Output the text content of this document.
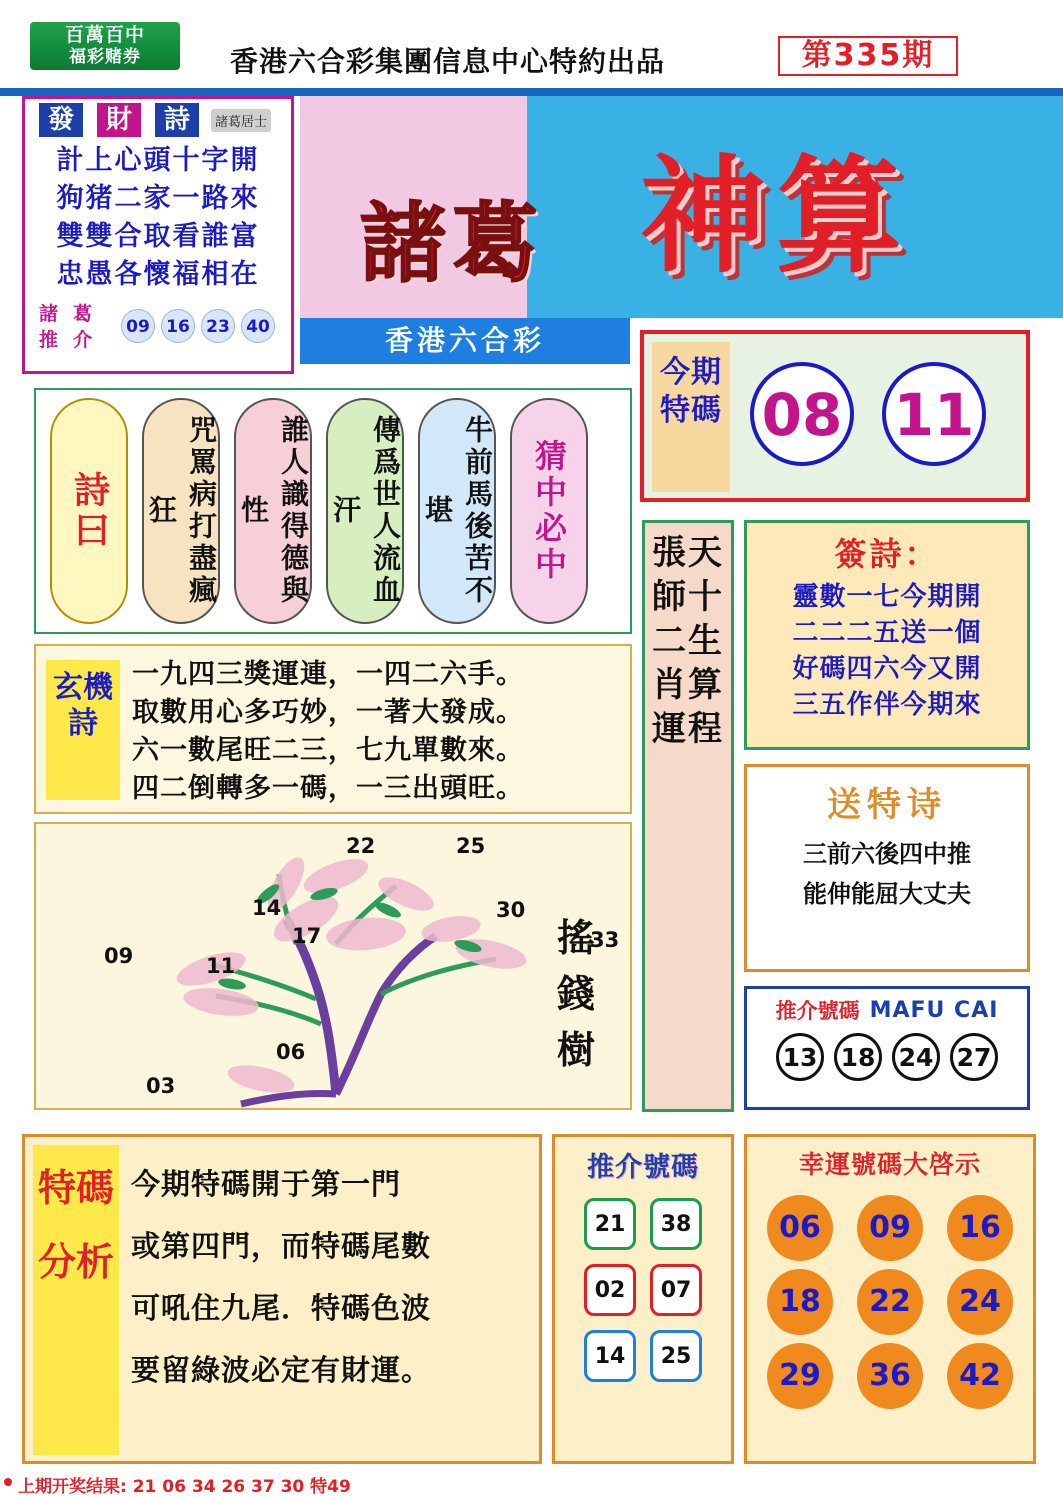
百萬百中
福彩赌券	香港六合彩集團信息中心特約出品	第335期
諸葛 神算
發	財	詩	諸葛居士
計上心頭十字開
狗猪二家一路來
雙雙合取看誰富
忠愚各懷福相在
諸 葛
推 介
09 16 23 40	香港六合彩
今期特碼 08 11
詩曰	咒罵病打盡瘋狂	誰人識得德與性	傳爲世人流血汗	牛前馬後苦不堪	猜中必中
玄機詩
一九四三獎運連，一四二六手。
取數用心多巧妙，一著大發成。
六一數尾旺二三，七九單數來。
四二倒轉多一碼，一三出頭旺。
22	25
14	30
17	33
09	11
06
03
搖錢樹
張天師十二生肖算運程
簽詩：

靈數一七今期開

二二二五送一個

好碼四六今又開

三五作伴今期來

送特诗

三前六後四中推

能伸能屈大丈夫

推介號碼 MAFU CAI
13 18 24 27
特碼分析
今期特碼開于第一門
或第四門，而特碼尾數
可吼住九尾．特碼色波
要留綠波必定有財運。
推介號碼
21	38
02	07
14	25
幸運號碼大啓示
06	09	16
18	22	24
29	36	42
上期开奖结果: 21 06 34 26 37 30 特49
